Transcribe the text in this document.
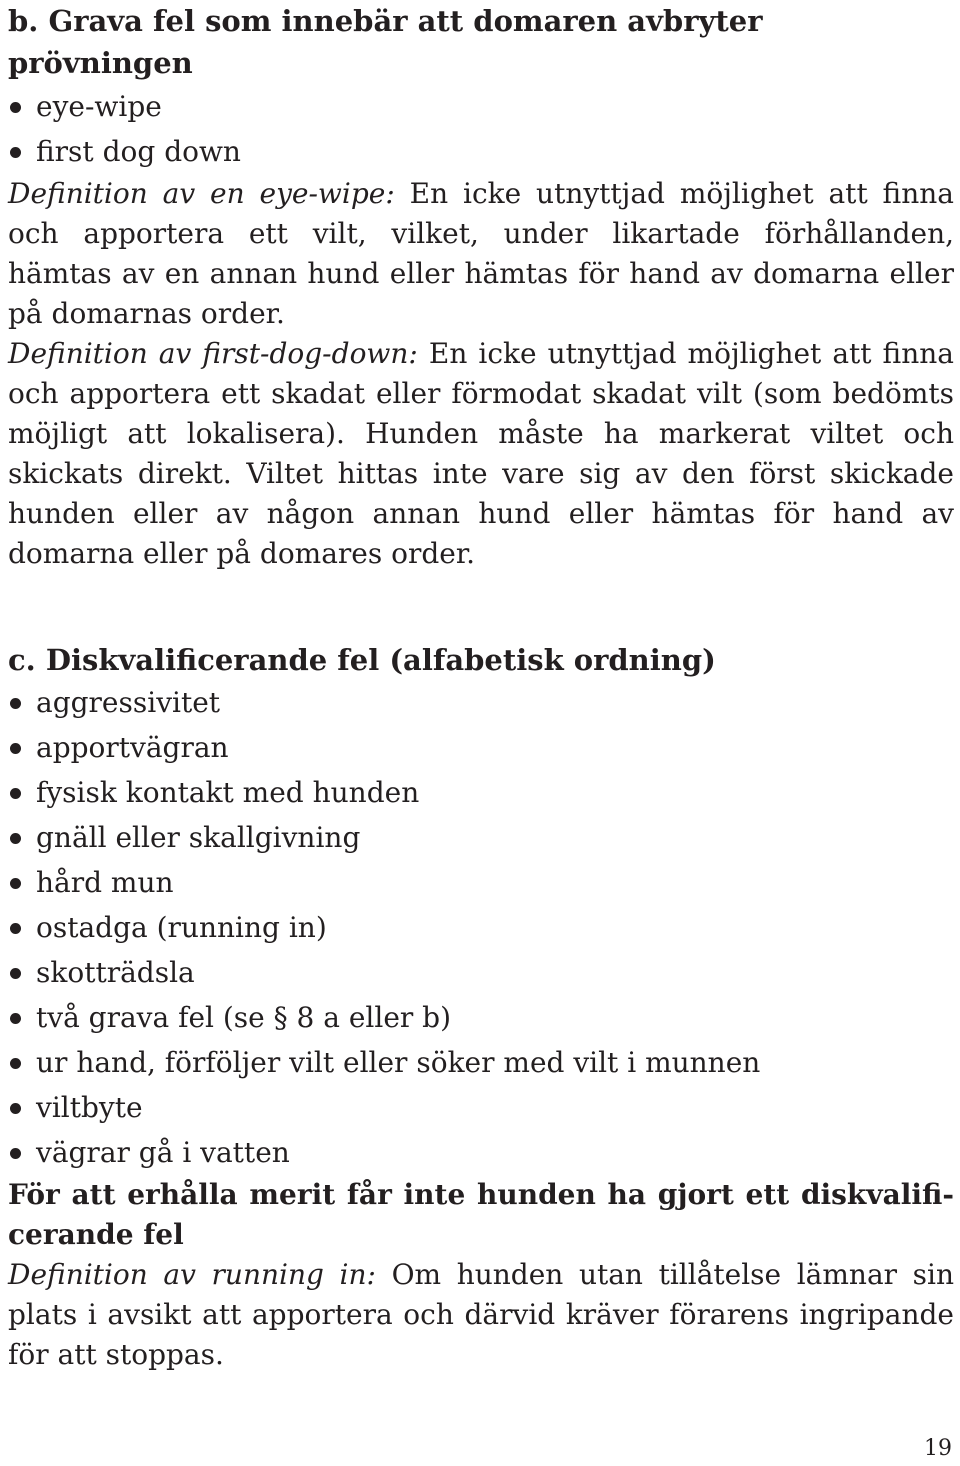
b. Grava fel som innebär att domaren avbryter prövningen

eye-wipe
first dog down

Definition av en eye-wipe: En icke utnyttjad möjlighet att finna och apportera ett vilt, vilket, under likartade förhållanden, hämtas av en annan hund eller hämtas för hand av domarna eller på domarnas order.

Definition av first-dog-down: En icke utnyttjad möjlighet att finna och apportera ett skadat eller förmodat skadat vilt (som bedömts möjligt att lokalisera). Hunden måste ha markerat viltet och skickats direkt. Viltet hittas inte vare sig av den först skickade hunden eller av någon annan hund eller hämtas för hand av domarna eller på domares order.

c. Diskvalificerande fel (alfabetisk ordning)

aggressivitet
apportvägran
fysisk kontakt med hunden
gnäll eller skallgivning
hård mun
ostadga (running in)
skotträdsla
två grava fel (se § 8 a eller b)
ur hand, förföljer vilt eller söker med vilt i munnen
viltbyte
vägrar gå i vatten

För att erhålla merit får inte hunden ha gjort ett diskvalificerande fel

Definition av running in: Om hunden utan tillåtelse lämnar sin plats i avsikt att apportera och därvid kräver förarens ingripande för att stoppas.

19
